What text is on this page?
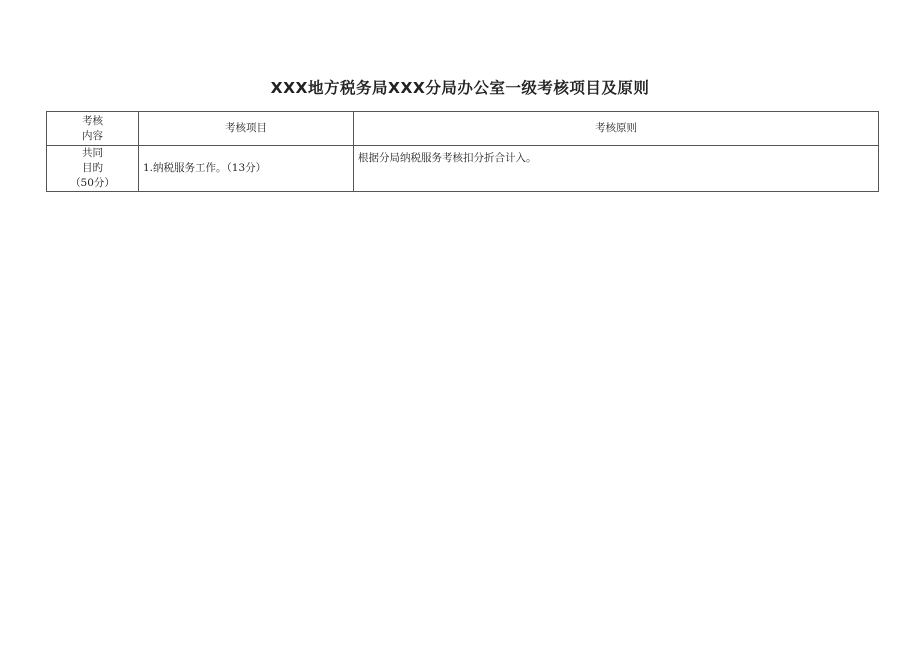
XXX地方税务局XXX分局办公室一级考核项目及原则
考核
内容	考核项目	考核原则

共同
目旳
（50分）	1.纳税服务工作。（13分）	根据分局纳税服务考核扣分折合计入。
